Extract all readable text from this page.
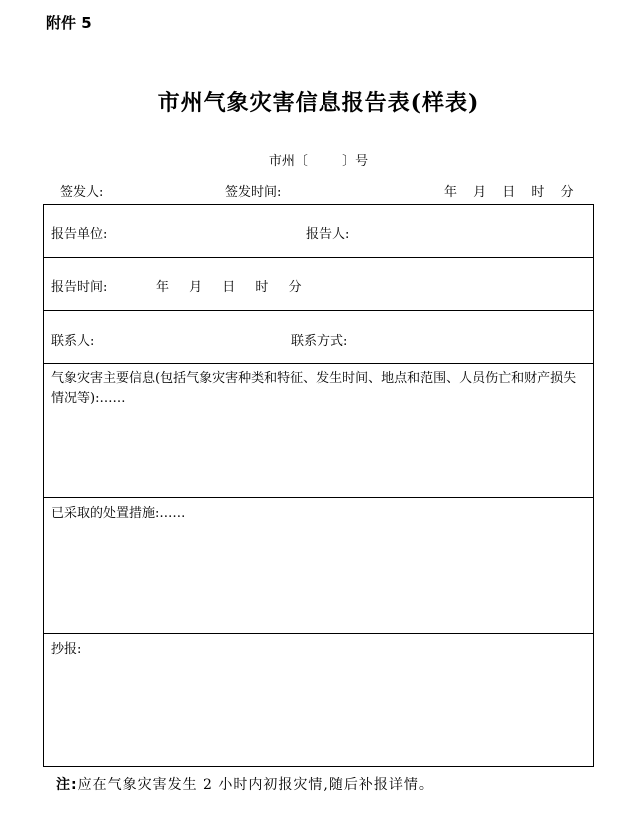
附件 5
市州气象灾害信息报告表(样表)
市州〔	〕号
签发人:	签发时间:	年 月 日 时 分
报告单位:	报告人:
报告时间:	年 月 日 时 分
联系人:	联系方式:
气象灾害主要信息(包括气象灾害种类和特征、发生时间、地点和范围、人员伤亡和财产损失情况等):……
已采取的处置措施:……
抄报:
注:应在气象灾害发生 2 小时内初报灾情,随后补报详情。
